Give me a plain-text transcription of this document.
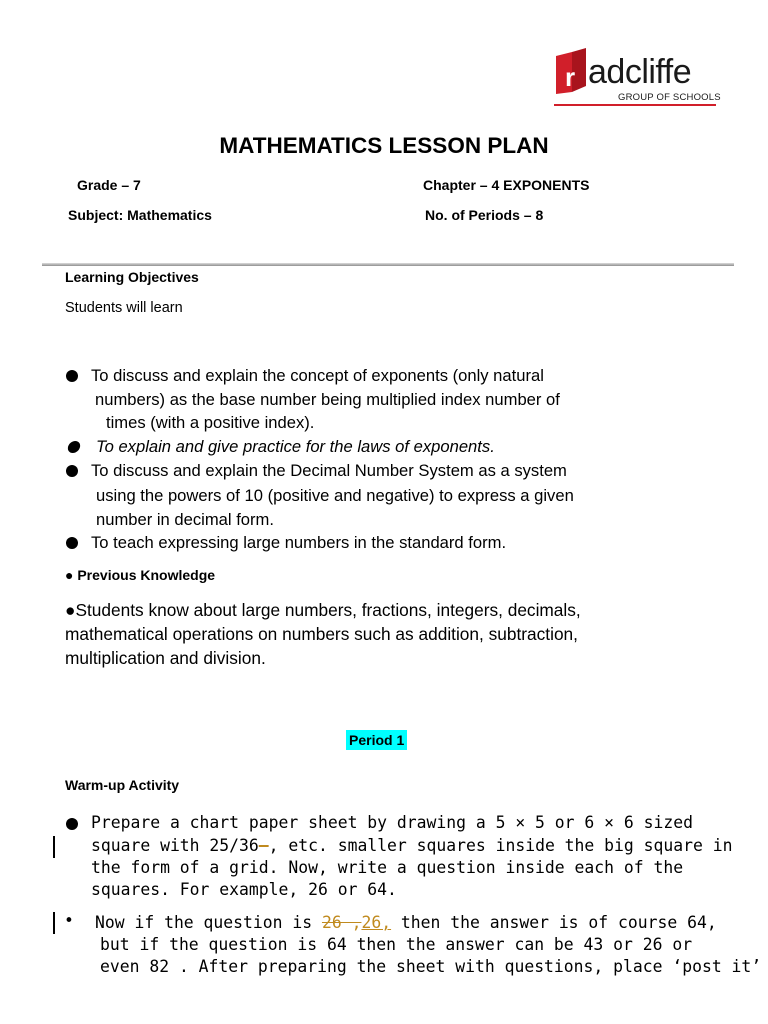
r adcliffe
GROUP OF SCHOOLS
MATHEMATICS LESSON PLAN
Grade – 7	Chapter – 4 EXPONENTS
Subject: Mathematics	No. of Periods – 8
Learning Objectives
Students will learn
To discuss and explain the concept of exponents (only natural
numbers) as the base number being multiplied index number of
times (with a positive index).
To explain and give practice for the laws of exponents.
To discuss and explain the Decimal Number System as a system
using the powers of 10 (positive and negative) to express a given
number in decimal form.
To teach expressing large numbers in the standard form.
● Previous Knowledge
●Students know about large numbers, fractions, integers, decimals,
mathematical operations on numbers such as addition, subtraction,
multiplication and division.
Period 1
Warm-up Activity
Prepare a chart paper sheet by drawing a 5 × 5 or 6 × 6 sized
square with 25/36–, etc. smaller squares inside the big square in
the form of a grid. Now, write a question inside each of the
squares. For example, 26 or 64.
• Now if the question is 26 ,26, then the answer is of course 64,
but if the question is 64 then the answer can be 43 or 26 or
even 82 . After preparing the sheet with questions, place ‘post it’
